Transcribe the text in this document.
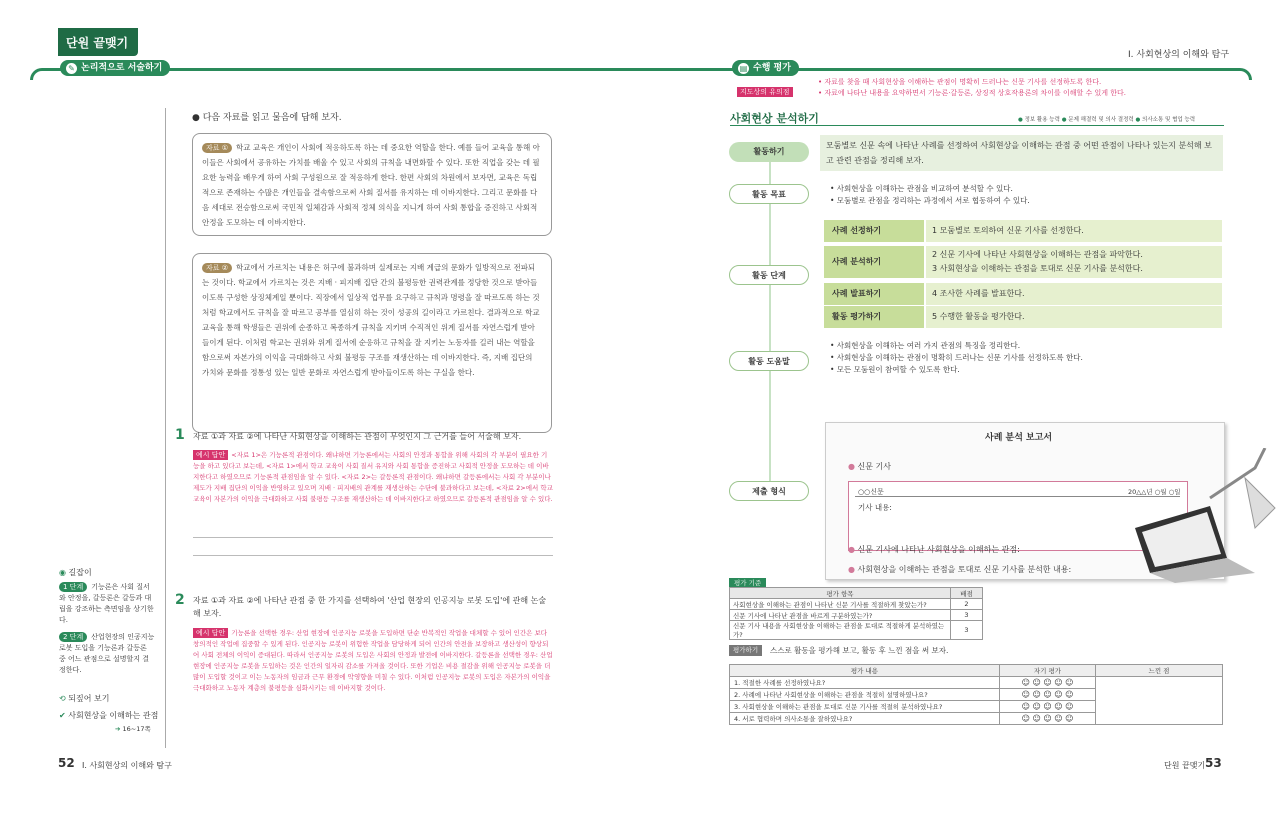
단원 끝맺기
✎ 논리적으로 서술하기	▤ 수행 평가
Ⅰ. 사회현상의 이해와 탐구
지도상의 유의점
• 자료를 찾을 때 사회현상을 이해하는 관점이 명확히 드러나는 신문 기사를 선정하도록 한다.
• 자료에 나타난 내용을 요약하면서 기능론·갈등론, 상징적 상호작용론의 차이를 이해할 수 있게 한다.
● 다음 자료를 읽고 물음에 답해 보자.
자료 ① 학교 교육은 개인이 사회에 적응하도록 하는 데 중요한 역할을 한다. 예를 들어 교육을 통해 아이들은 사회에서 공유하는 가치를 배울 수 있고 사회의 규칙을 내면화할 수 있다. 또한 직업을 갖는 데 필요한 능력을 배우게 하여 사회 구성원으로 잘 적응하게 한다. 한편 사회의 차원에서 보자면, 교육은 독립적으로 존재하는 수많은 개인들을 결속함으로써 사회 질서를 유지하는 데 이바지한다. 그리고 문화를 다음 세대로 전승함으로써 국민적 일체감과 사회적 정체 의식을 지니게 하여 사회 통합을 증진하고 사회적 안정을 도모하는 데 이바지한다.
자료 ② 학교에서 가르치는 내용은 허구에 불과하며 실제로는 지배 계급의 문화가 일방적으로 전파되는 것이다. 학교에서 가르치는 것은 지배 · 피지배 집단 간의 불평등한 권력관계를 정당한 것으로 받아들이도록 구성한 상징체계일 뿐이다. 직장에서 일상적 업무를 요구하고 규칙과 명령을 잘 따르도록 하는 것처럼 학교에서도 규칙을 잘 따르고 공부를 열심히 하는 것이 성공의 길이라고 가르친다. 결과적으로 학교 교육을 통해 학생들은 권위에 순종하고 복종하게 규칙을 지키며 수직적인 위계 질서를 자연스럽게 받아들이게 된다. 이처럼 학교는 권위와 위계 질서에 순응하고 규칙을 잘 지키는 노동자를 길러 내는 역할을 함으로써 자본가의 이익을 극대화하고 사회 불평등 구조를 재생산하는 데 이바지한다. 즉, 지배 집단의 가치와 문화를 정통성 있는 일반 문화로 자연스럽게 받아들이도록 하는 구실을 한다.
1 자료 ①과 자료 ②에 나타난 사회현상을 이해하는 관점이 무엇인지 그 근거를 들어 서술해 보자.
예시 답안 <자료 1>은 기능론적 관점이다. 왜냐하면 기능론에서는 사회의 안정과 통합을 위해 사회의 각 부분이 필요한 기능을 하고 있다고 보는데, <자료 1>에서 학교 교육이 사회 질서 유지와 사회 통합을 증진하고 사회적 안정을 도모하는 데 이바지한다고 하였으므로 기능론적 관점임을 알 수 있다. <자료 2>는 갈등론적 관점이다. 왜냐하면 갈등론에서는 사회 각 부분이나 제도가 지배 집단의 이익을 반영하고 있으며 지배 · 피지배의 관계를 재생산하는 수단에 불과하다고 보는데, <자료 2>에서 학교 교육이 자본가의 이익을 극대화하고 사회 불평등 구조를 재생산하는 데 이바지한다고 하였으므로 갈등론적 관점임을 알 수 있다.
2 자료 ①과 자료 ②에 나타난 관점 중 한 가지를 선택하여 '산업 현장의 인공지능 로봇 도입'에 관해 논술해 보자.
예시 답안 기능론을 선택한 경우: 산업 현장에 인공지능 로봇을 도입하면 단순 반복적인 작업을 대체할 수 있어 인간은 보다 창의적인 작업에 집중할 수 있게 된다. 인공지능 로봇이 위험한 작업을 담당하게 되어 인간의 안전을 보장하고 생산성이 향상되어 사회 전체의 이익이 증대된다. 따라서 인공지능 로봇의 도입은 사회의 안정과 발전에 이바지한다. 갈등론을 선택한 경우: 산업 현장에 인공지능 로봇을 도입하는 것은 인간의 일자리 감소를 가져올 것이다. 또한 기업은 비용 절감을 위해 인공지능 로봇을 더 많이 도입할 것이고 이는 노동자의 임금과 근무 환경에 악영향을 미칠 수 있다. 이처럼 인공지능 로봇의 도입은 자본가의 이익을 극대화하고 노동자 계층의 불평등을 심화시키는 데 이바지할 것이다.
◉ 길잡이
1 단계 기능론은 사회 질서와 안정을, 갈등론은 갈등과 대립을 강조하는 측면임을 상기한다.
2 단계 산업현장의 인공지능 로봇 도입을 기능론과 갈등론 중 어느 관점으로 설명할지 결정한다.
⟲ 되짚어 보기
✔ 사회현상을 이해하는 관점
➔ 16~17쪽
52 Ⅰ. 사회현상의 이해와 탐구	단원 끝맺기 53
사회현상 분석하기	● 정보 활용 능력 ● 문제 해결력 및 의사 결정력 ● 의사소통 및 협업 능력
활동하기
모둠별로 신문 속에 나타난 사례를 선정하여 사회현상을 이해하는 관점 중 어떤 관점이 나타나 있는지 분석해 보고 관련 관점을 정리해 보자.
활동 목표
• 사회현상을 이해하는 관점을 비교하여 분석할 수 있다.
• 모둠별로 관점을 정리하는 과정에서 서로 협동하여 수 있다.
활동 단계
사례 선정하기	1 모둠별로 토의하여 신문 기사를 선정한다.
사례 분석하기
2 신문 기사에 나타난 사회현상을 이해하는 관점을 파악한다.
3 사회현상을 이해하는 관점을 토대로 신문 기사를 분석한다.
사례 발표하기	4 조사한 사례를 발표한다.
활동 평가하기	5 수행한 활동을 평가한다.
활동 도움말
• 사회현상을 이해하는 여러 가지 관점의 특징을 정리한다.
• 사회현상을 이해하는 관점이 명확히 드러나는 신문 기사를 선정하도록 한다.
• 모든 모둠원이 참여할 수 있도록 한다.
제출 형식
사례 분석 보고서
● 신문 기사
○○신문	20△△년 ○월 ○일
기사 내용:
● 신문 기사에 나타난 사회현상을 이해하는 관점:
● 사회현상을 이해하는 관점을 토대로 신문 기사를 분석한 내용:
평가 기준
평가 항목	배점
사회현상을 이해하는 관점이 나타난 신문 기사를 적절하게 찾았는가?	2
신문 기사에 나타난 관점을 바르게 구분하였는가?	3
신문 기사 내용을 사회현상을 이해하는 관점을 토대로 적절하게 분석하였는가?	3
평가하기	스스로 활동을 평가해 보고, 활동 후 느낀 점을 써 보자.
평가 내용	자기 평가	느낀 점
1. 적절한 사례를 선정하였나요?	☺ ☺ ☺ ☺ ☺	
2. 사례에 나타난 사회현상을 이해하는 관점을 적절히 설명하였나요?	☺ ☺ ☺ ☺ ☺	
3. 사회현상을 이해하는 관점을 토대로 신문 기사를 적절히 분석하였나요?	☺ ☺ ☺ ☺ ☺	
4. 서로 협력하며 의사소통을 잘하였나요?	☺ ☺ ☺ ☺ ☺	
